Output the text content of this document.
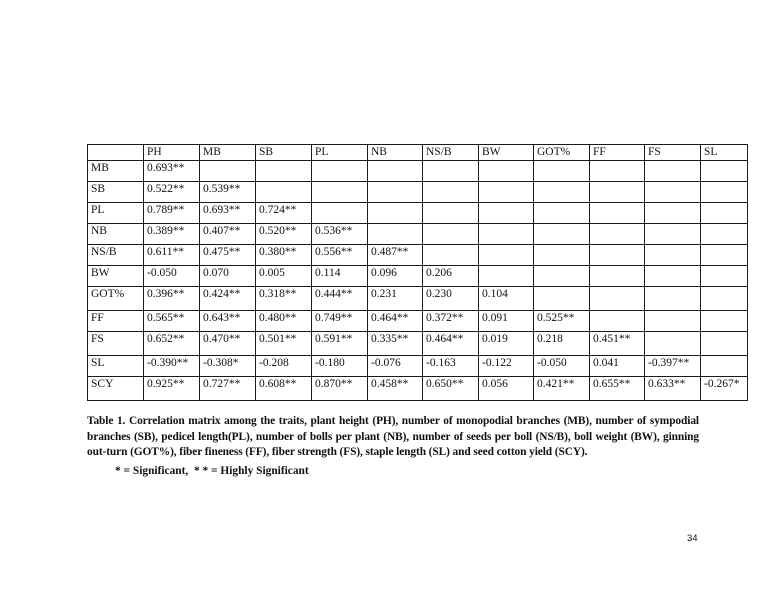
	PH	MB	SB	PL	NB	NS/B	BW	GOT%	FF	FS	SL
MB	0.693**										
SB	0.522**	0.539**									
PL	0.789**	0.693**	0.724**								
NB	0.389**	0.407**	0.520**	0.536**							
NS/B	0.611**	0.475**	0.380**	0.556**	0.487**						
BW	-0.050	0.070	0.005	0.114	0.096	0.206					
GOT%	0.396**	0.424**	0.318**	0.444**	0.231	0.230	0.104				
FF	0.565**	0.643**	0.480**	0.749**	0.464**	0.372**	0.091	0.525**			
FS	0.652**	0.470**	0.501**	0.591**	0.335**	0.464**	0.019	0.218	0.451**		
SL	-0.390**	-0.308*	-0.208	-0.180	-0.076	-0.163	-0.122	-0.050	0.041	-0.397**	
SCY	0.925**	0.727**	0.608**	0.870**	0.458**	0.650**	0.056	0.421**	0.655**	0.633**	-0.267*
Table 1. Correlation matrix among the traits, plant height (PH), number of monopodial branches (MB), number of sympodial branches (SB), pedicel length(PL), number of bolls per plant (NB), number of seeds per boll (NS/B), boll weight (BW), ginning out-turn (GOT%), fiber fineness (FF), fiber strength (FS), staple length (SL) and seed cotton yield (SCY).
* = Significant,  * * = Highly Significant
34
